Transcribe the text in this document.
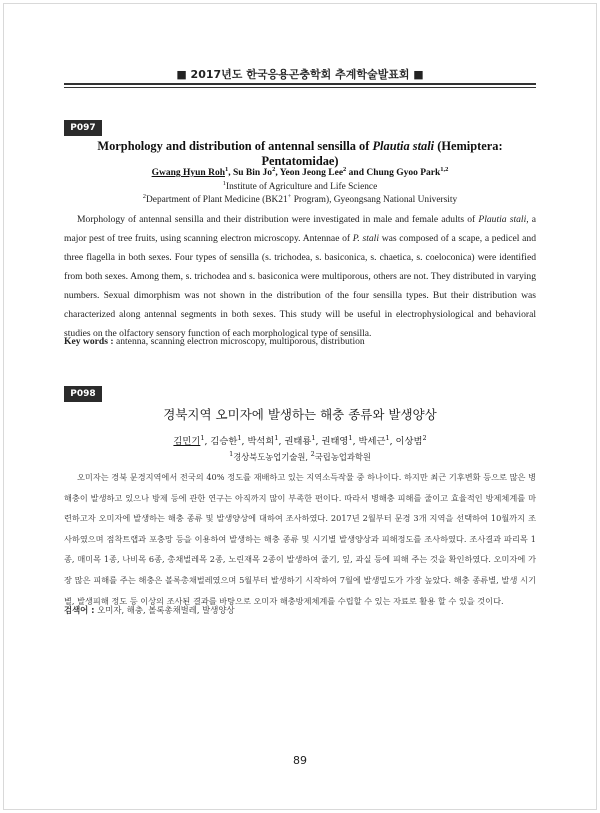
■ 2017년도 한국응용곤충학회 추계학술발표회 ■
P097
Morphology and distribution of antennal sensilla of Plautia stali (Hemiptera: Pentatomidae)
Gwang Hyun Roh$^1$, Su Bin Jo$^2$, Yeon Jeong Lee$^2$ and Chung Gyoo Park$^{1,2}$
$^1$Institute of Agriculture and Life Science
$^2$Department of Plant Medicine (BK21+ Program), Gyeongsang National University

Morphology of antennal sensilla and their distribution were investigated in male and female adults of Plautia stali, a major pest of tree fruits, using scanning electron microscopy. Antennae of P. stali was composed of a scape, a pedicel and three flagella in both sexes. Four types of sensilla (s. trichodea, s. basiconica, s. chaetica, s. coeloconica) were identified from both sexes. Among them, s. trichodea and s. basiconica were multiporous, others are not. They distributed in varying numbers. Sexual dimorphism was not shown in the distribution of the four sensilla types. But their distribution was characterized along antennal segments in both sexes. This study will be useful in electrophysiological and behavioral studies on the olfactory sensory function of each morphological type of sensilla.

Key words : antenna, scanning electron microscopy, multiporous, distribution
P098
경북지역 오미자에 발생하는 해충 종류와 발생양상
김민기$^1$, 김승한$^1$, 박석희$^1$, 권태룡$^1$, 권태영$^1$, 박세근$^1$, 이상범$^2$
$^1$경상북도농업기술원, $^2$국립농업과학원

오미자는 경북 문경지역에서 전국의 40% 정도를 재배하고 있는 지역소득작물 중 하나이다. 하지만 최근 기후변화 등으로 많은 병해충이 발생하고 있으나 방제 등에 관한 연구는 아직까지 많이 부족한 편이다. 따라서 병해충 피해를 줄이고 효율적인 방제체계를 마련하고자 오미자에 발생하는 해충 종류 및 발생양상에 대하여 조사하였다. 2017년 2월부터 문경 3개 지역을 선택하여 10월까지 조사하였으며 점착트랩과 포충망 등을 이용하여 발생하는 해충 종류 및 시기별 발생양상과 피해정도를 조사하였다. 조사결과 파리목 1종, 매미목 1종, 나비목 6종, 총채벌레목 2종, 노린재목 2종이 발생하여 줄기, 잎, 과실 등에 피해 주는 것을 확인하였다. 오미자에 가장 많은 피해를 주는 해충은 볼록총채벌레였으며 5월부터 발생하기 시작하여 7월에 발생밀도가 가장 높았다. 해충 종류별, 발생 시기별, 발생피해 정도 등 이상의 조사된 결과를 바탕으로 오미자 해충방제체계를 수립할 수 있는 자료로 활용 할 수 있을 것이다.

검색어 : 오미자, 해충, 볼록총채벌레, 발생양상
89
